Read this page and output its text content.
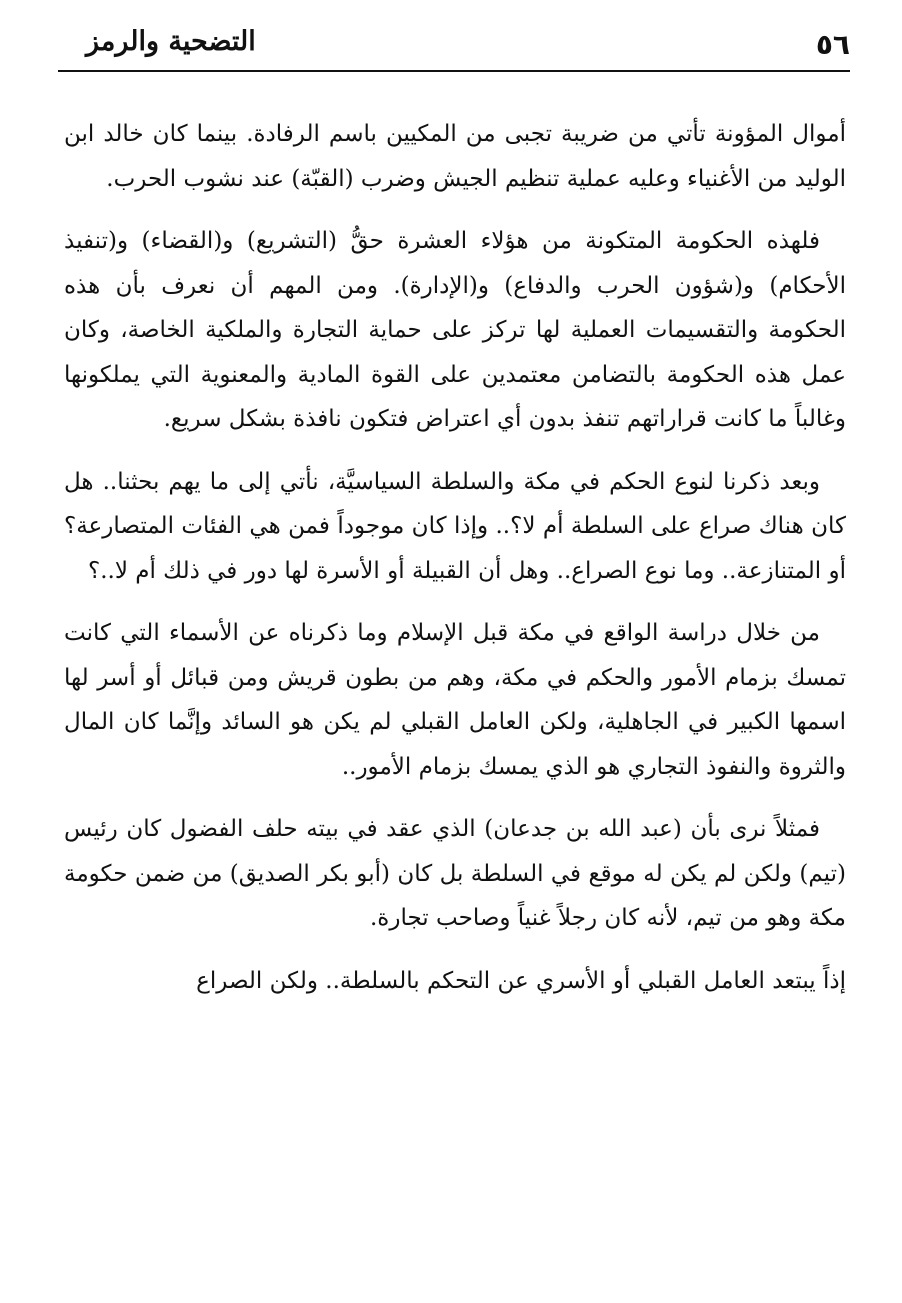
٥٦
التضحية والرمز

أموال المؤونة تأتي من ضريبة تجبى من المكيين باسم الرفادة. بينما كان خالد ابن الوليد من الأغنياء وعليه عملية تنظيم الجيش وضرب (القبّة) عند نشوب الحرب.

فلهذه الحكومة المتكونة من هؤلاء العشرة حقُّ (التشريع) و(القضاء) و(تنفيذ الأحكام) و(شؤون الحرب والدفاع) و(الإدارة). ومن المهم أن نعرف بأن هذه الحكومة والتقسيمات العملية لها تركز على حماية التجارة والملكية الخاصة، وكان عمل هذه الحكومة بالتضامن معتمدين على القوة المادية والمعنوية التي يملكونها وغالباً ما كانت قراراتهم تنفذ بدون أي اعتراض فتكون نافذة بشكل سريع.

وبعد ذكرنا لنوع الحكم في مكة والسلطة السياسيَّة، نأتي إلى ما يهم بحثنا.. هل كان هناك صراع على السلطة أم لا؟.. وإذا كان موجوداً فمن هي الفئات المتصارعة؟ أو المتنازعة.. وما نوع الصراع.. وهل أن القبيلة أو الأسرة لها دور في ذلك أم لا..؟

من خلال دراسة الواقع في مكة قبل الإسلام وما ذكرناه عن الأسماء التي كانت تمسك بزمام الأمور والحكم في مكة، وهم من بطون قريش ومن قبائل أو أسر لها اسمها الكبير في الجاهلية، ولكن العامل القبلي لم يكن هو السائد وإنَّما كان المال والثروة والنفوذ التجاري هو الذي يمسك بزمام الأمور..

فمثلاً نرى بأن (عبد الله بن جدعان) الذي عقد في بيته حلف الفضول كان رئيس (تيم) ولكن لم يكن له موقع في السلطة بل كان (أبو بكر الصديق) من ضمن حكومة مكة وهو من تيم، لأنه كان رجلاً غنياً وصاحب تجارة.

إذاً يبتعد العامل القبلي أو الأسري عن التحكم بالسلطة.. ولكن الصراع
